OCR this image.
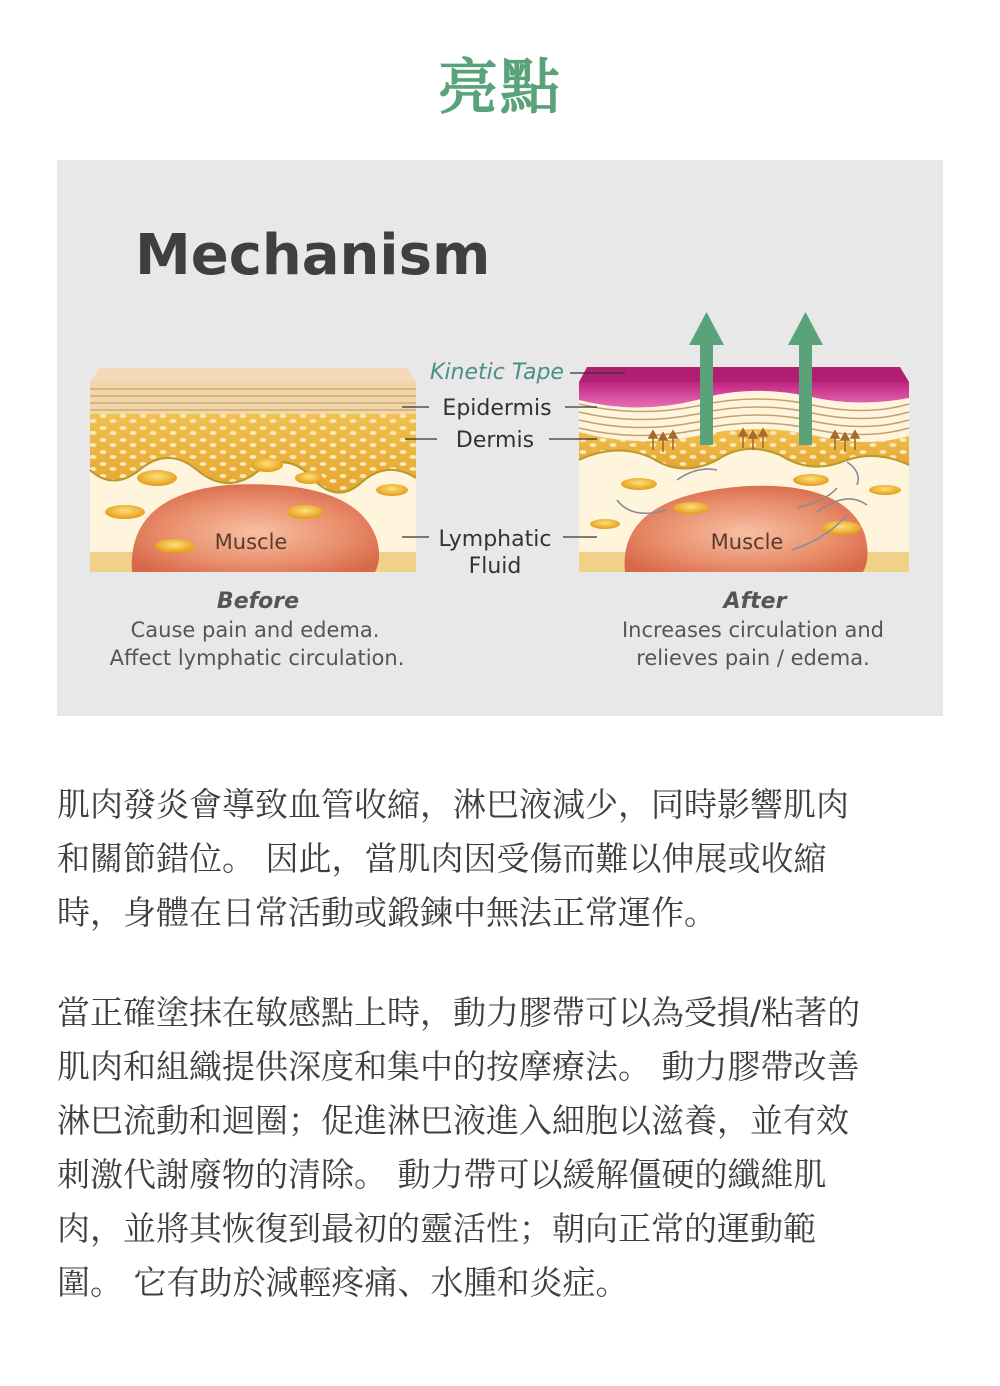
亮點
Mechanism
Muscle	Muscle
Kinetic Tape
Epidermis
Dermis
Lymphatic
Fluid
Before
Cause pain and edema.
Affect lymphatic circulation.
After
Increases circulation and
relieves pain / edema.
肌肉發炎會導致血管收縮，淋巴液減少，同時影響肌肉
和關節錯位。 因此，當肌肉因受傷而難以伸展或收縮
時，身體在日常活動或鍛鍊中無法正常運作。
當正確塗抹在敏感點上時，動力膠帶可以為受損/粘著的
肌肉和組織提供深度和集中的按摩療法。 動力膠帶改善
淋巴流動和迴圈；促進淋巴液進入細胞以滋養，並有效
刺激代謝廢物的清除。 動力帶可以緩解僵硬的纖維肌
肉，並將其恢復到最初的靈活性；朝向正常的運動範
圍。 它有助於減輕疼痛、水腫和炎症。
